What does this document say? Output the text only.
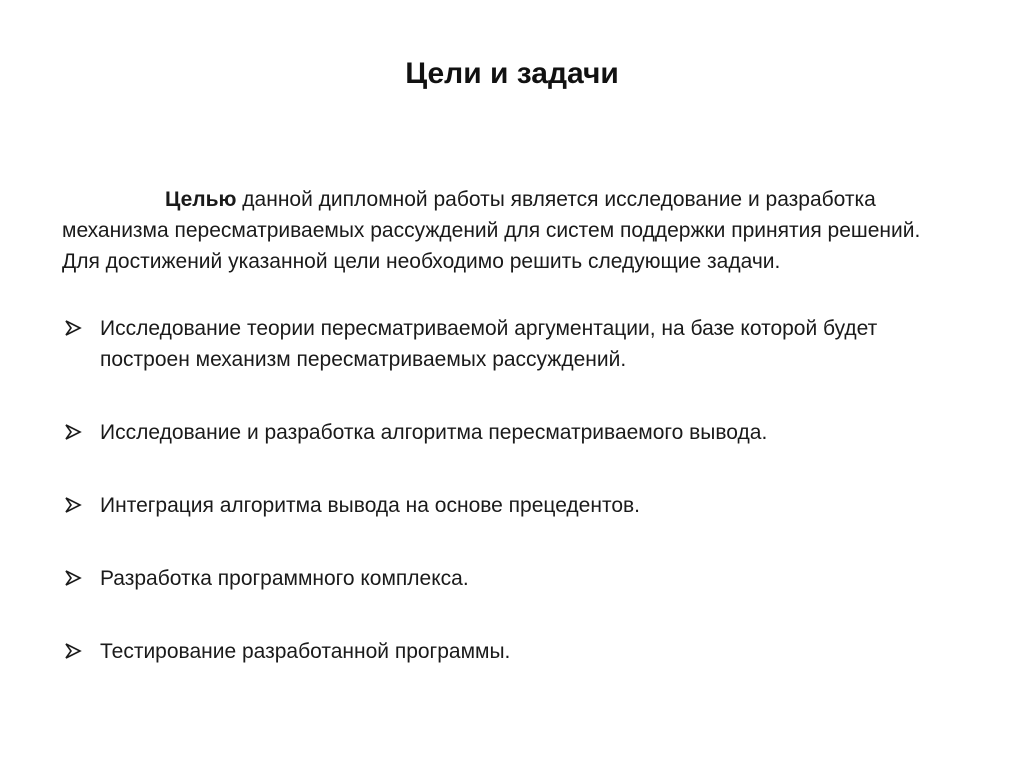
Цели и задачи
Целью данной дипломной работы является исследование и разработка механизма пересматриваемых рассуждений для систем поддержки принятия решений. Для достижений указанной цели необходимо решить следующие задачи.
Исследование теории пересматриваемой аргументации, на базе которой будет построен механизм пересматриваемых рассуждений.
Исследование и разработка алгоритма пересматриваемого вывода.
Интеграция алгоритма вывода на основе прецедентов.
Разработка программного комплекса.
Тестирование разработанной программы.
